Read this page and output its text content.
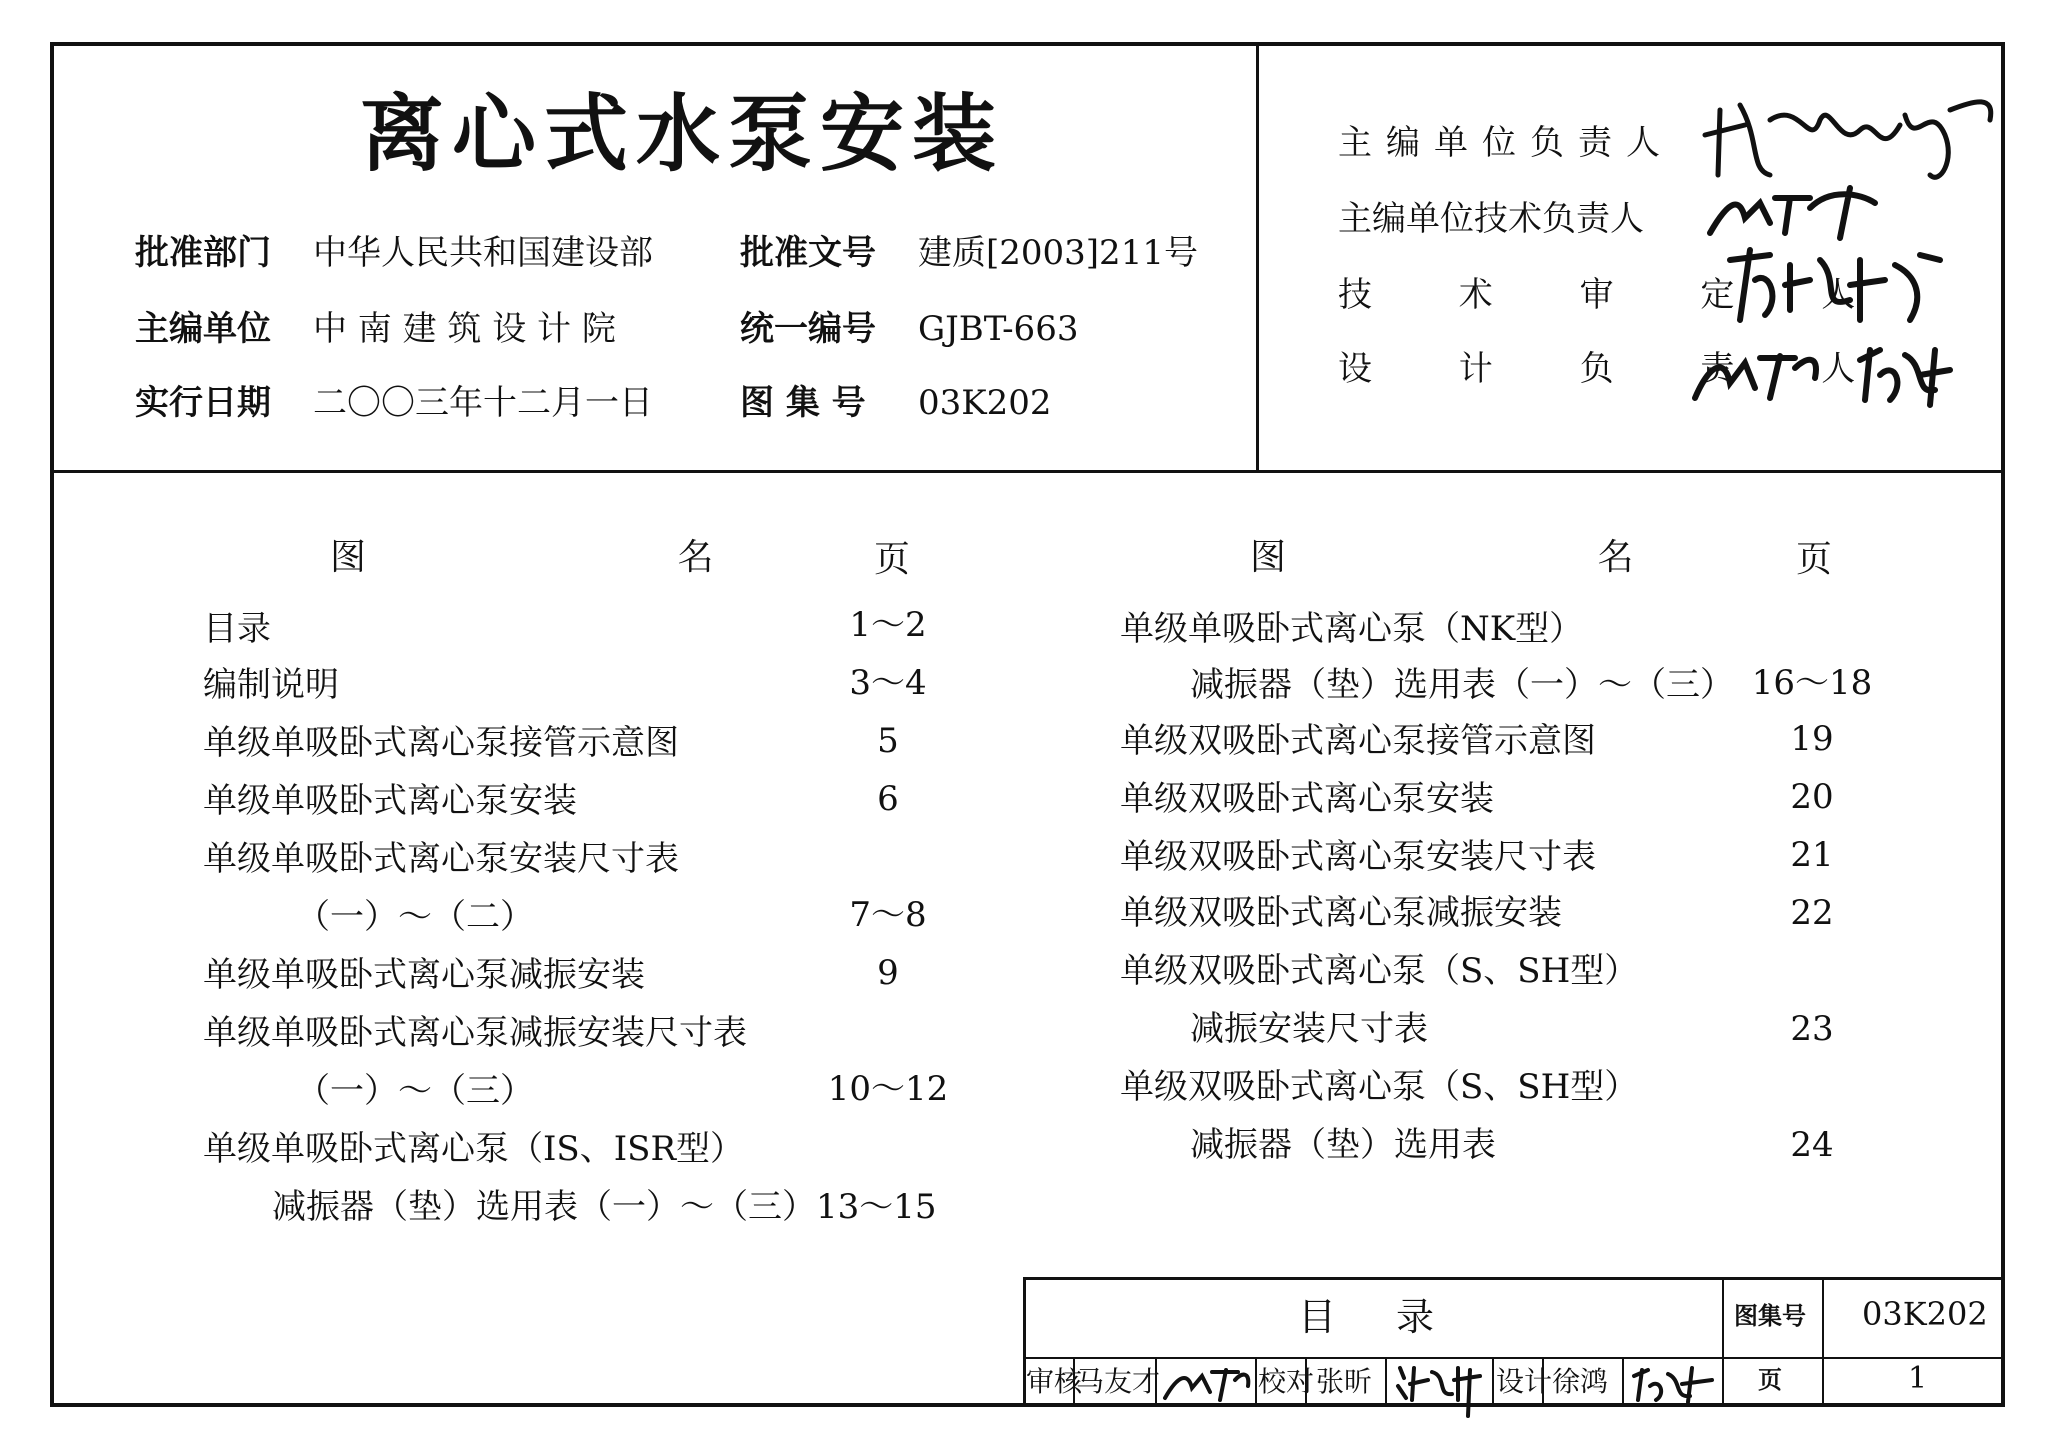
离心式水泵安装
批准部门 中华人民共和国建设部	批准文号 建质[2003]211号
主编单位 中 南 建 筑 设 计 院	统一编号 GJBT-663
实行日期 二〇〇三年十二月一日	图 集 号 03K202
主编单位负责人
主编单位技术负责人
技 术 审 定 人
设 计 负 责 人
图 名 页	图 名 页
目录	1～2
编制说明	3～4
单级单吸卧式离心泵接管示意图	5
单级单吸卧式离心泵安装	6
单级单吸卧式离心泵安装尺寸表
（一）～（二）	7～8
单级单吸卧式离心泵减振安装	9
单级单吸卧式离心泵减振安装尺寸表
（一）～（三）	10～12
单级单吸卧式离心泵（IS、ISR型）
减振器（垫）选用表（一）～（三）13～15
单级单吸卧式离心泵（NK型）
减振器（垫）选用表（一）～（三） 16～18
单级双吸卧式离心泵接管示意图	19
单级双吸卧式离心泵安装	20
单级双吸卧式离心泵安装尺寸表	21
单级双吸卧式离心泵减振安装	22
单级双吸卧式离心泵（S、SH型）
减振安装尺寸表	23
单级双吸卧式离心泵（S、SH型）
减振器（垫）选用表	24
目录	图集号 03K202
页	1
审核
马友才	校对 张昕	设计 徐鸿
